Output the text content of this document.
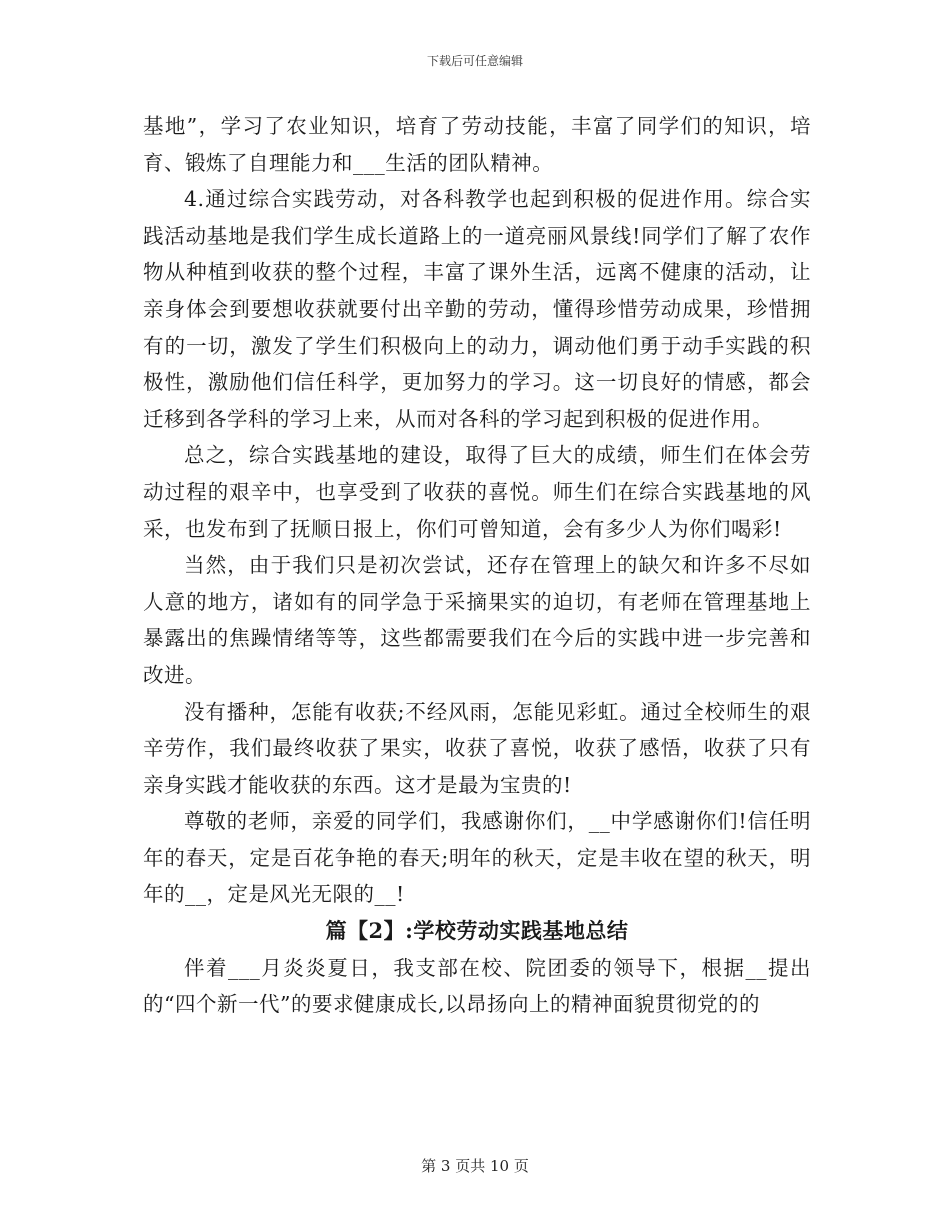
下载后可任意编辑

基地”，学习了农业知识，培育了劳动技能，丰富了同学们的知识，培育、锻炼了自理能力和___生活的团队精神。

4.通过综合实践劳动，对各科教学也起到积极的促进作用。综合实践活动基地是我们学生成长道路上的一道亮丽风景线!同学们了解了农作物从种植到收获的整个过程，丰富了课外生活，远离不健康的活动，让亲身体会到要想收获就要付出辛勤的劳动，懂得珍惜劳动成果，珍惜拥有的一切，激发了学生们积极向上的动力，调动他们勇于动手实践的积极性，激励他们信任科学，更加努力的学习。这一切良好的情感，都会迁移到各学科的学习上来，从而对各科的学习起到积极的促进作用。

总之，综合实践基地的建设，取得了巨大的成绩，师生们在体会劳动过程的艰辛中，也享受到了收获的喜悦。师生们在综合实践基地的风采，也发布到了抚顺日报上，你们可曾知道，会有多少人为你们喝彩!

当然，由于我们只是初次尝试，还存在管理上的缺欠和许多不尽如人意的地方，诸如有的同学急于采摘果实的迫切，有老师在管理基地上暴露出的焦躁情绪等等，这些都需要我们在今后的实践中进一步完善和改进。

没有播种，怎能有收获;不经风雨，怎能见彩虹。通过全校师生的艰辛劳作，我们最终收获了果实，收获了喜悦，收获了感悟，收获了只有亲身实践才能收获的东西。这才是最为宝贵的!

尊敬的老师，亲爱的同学们，我感谢你们，__中学感谢你们!信任明年的春天，定是百花争艳的春天;明年的秋天，定是丰收在望的秋天，明年的__，定是风光无限的__!

篇【2】:学校劳动实践基地总结

伴着___月炎炎夏日，我支部在校、院团委的领导下，根据__提出的“四个新一代”的要求健康成长,以昂扬向上的精神面貌贯彻党的的

第 3 页共 10 页
